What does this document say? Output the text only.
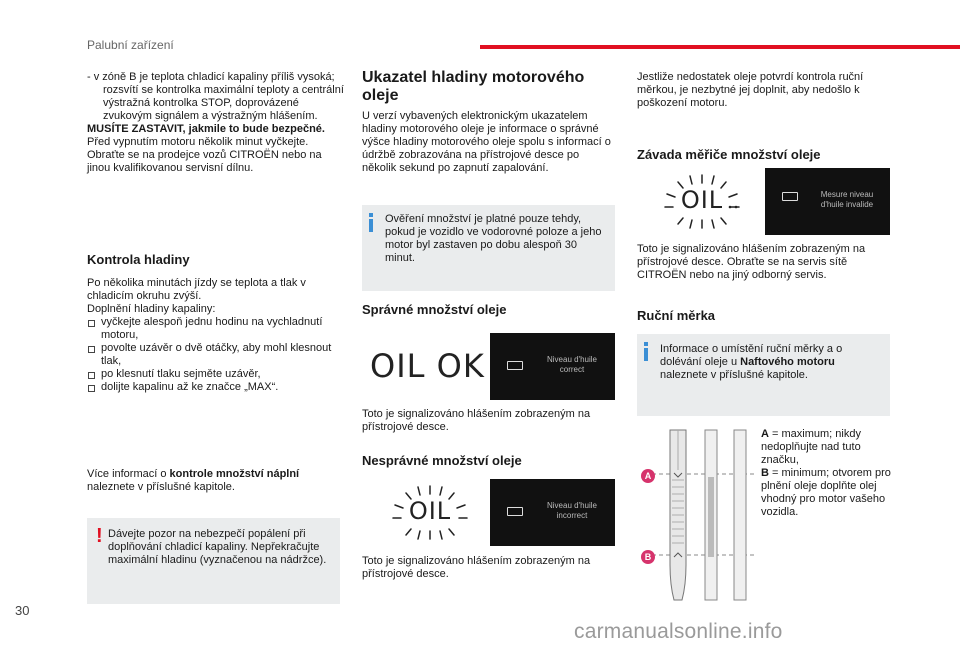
Palubní zařízení

- v zóně B je teplota chladicí kapaliny příliš vysoká; rozsvítí se kontrolka maximální teploty a centrální výstražná kontrolka STOP, doprovázené zvukovým signálem a výstražným hlášením.

MUSÍTE ZASTAVIT, jakmile to bude bezpečné.

Před vypnutím motoru několik minut vyčkejte. Obraťte se na prodejce vozů CITROËN nebo na jinou kvalifikovanou servisní dílnu.

Kontrola hladiny

Po několika minutách jízdy se teplota a tlak v chladicím okruhu zvýší.

Doplnění hladiny kapaliny:

vyčkejte alespoň jednu hodinu na vychladnutí motoru,
povolte uzávěr o dvě otáčky, aby mohl klesnout tlak,
po klesnutí tlaku sejměte uzávěr,
dolijte kapalinu až ke značce „MAX“.
Více informací o kontrole množství náplní naleznete v příslušné kapitole.
! Dávejte pozor na nebezpečí popálení při doplňování chladicí kapaliny. Nepřekračujte maximální hladinu (vyznačenou na nádržce).

Ukazatel hladiny motorového oleje

U verzí vybavených elektronickým ukazatelem hladiny motorového oleje je informace o správné výšce hladiny motorového oleje spolu s informací o údržbě zobrazována na přístrojové desce po několik sekund po zapnutí zapalování.

Ověření množství je platné pouze tehdy, pokud je vozidlo ve vodorovné poloze a jeho motor byl zastaven po dobu alespoň 30 minut.

Správné množství oleje
OIL OK	Niveau d'huile correct

Toto je signalizováno hlášením zobrazeným na přístrojové desce.

Nesprávné množství oleje
OIL	Niveau d'huile incorrect

Toto je signalizováno hlášením zobrazeným na přístrojové desce.

Jestliže nedostatek oleje potvrdí kontrola ruční měrkou, je nezbytné jej doplnit, aby nedošlo k poškození motoru.

Závada měřiče množství oleje
OIL	Mesure niveau d'huile invalide

Toto je signalizováno hlášením zobrazeným na přístrojové desce. Obraťte se na servis sítě CITROËN nebo na jiný odborný servis.

Ruční měrka

Informace o umístění ruční měrky a o dolévání oleje u Naftového motoru naleznete v příslušné kapitole.

A
B

A = maximum; nikdy nedoplňujte nad tuto značku,

B = minimum; otvorem pro plnění oleje doplňte olej vhodný pro motor vašeho vozidla.

30
carmanualsonline.info
